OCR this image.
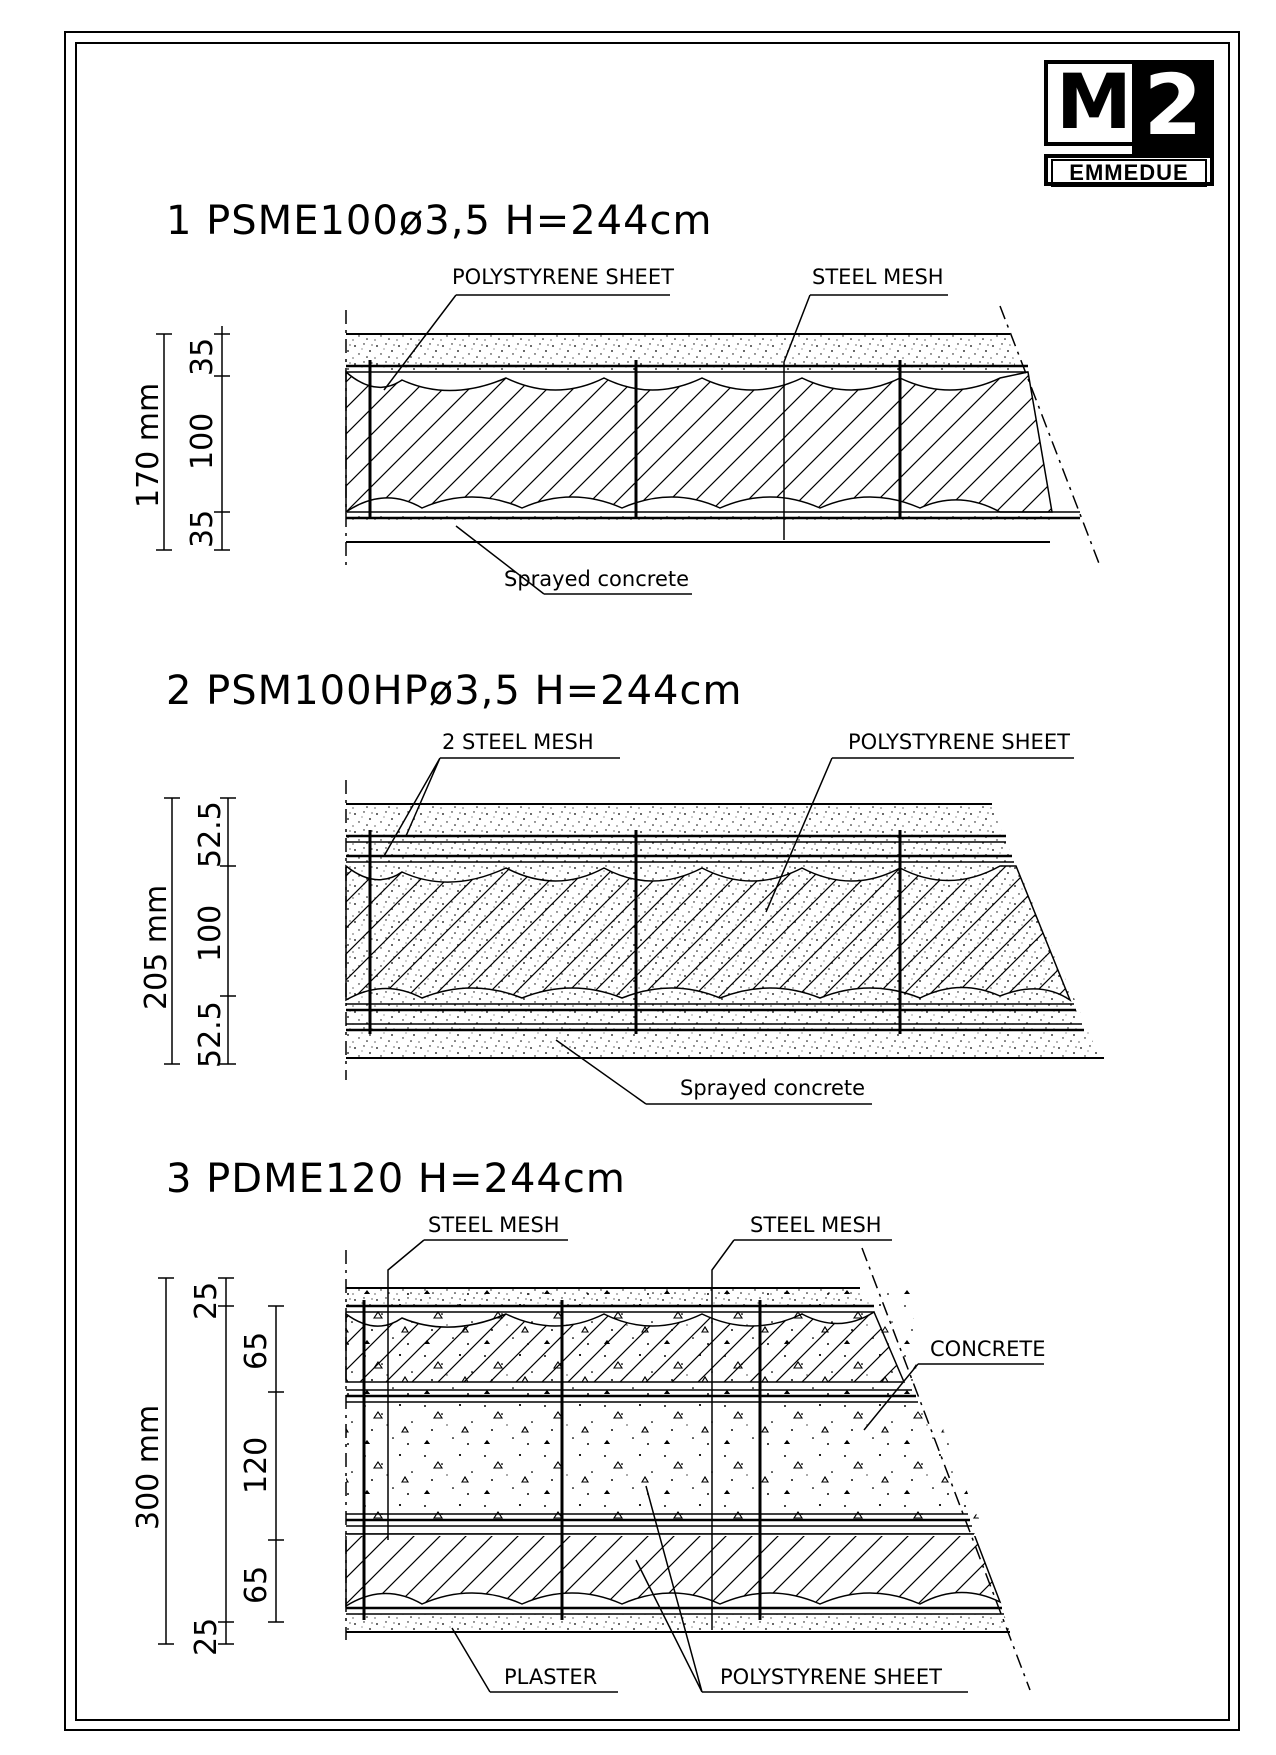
M 2
EMMEDUE
1 PSME100ø3,5 H=244cm
2 PSM100HPø3,5 H=244cm
3 PDME120 H=244cm
POLYSTYRENE SHEET	STEEL MESH
Sprayed concrete
170 mm
35
100
35
2 STEEL MESH	POLYSTYRENE SHEET
Sprayed concrete
205 mm
52.5
100
52.5
STEEL MESH	STEEL MESH
CONCRETE
PLASTER	POLYSTYRENE SHEET
300 mm
25
65
120
65
25
